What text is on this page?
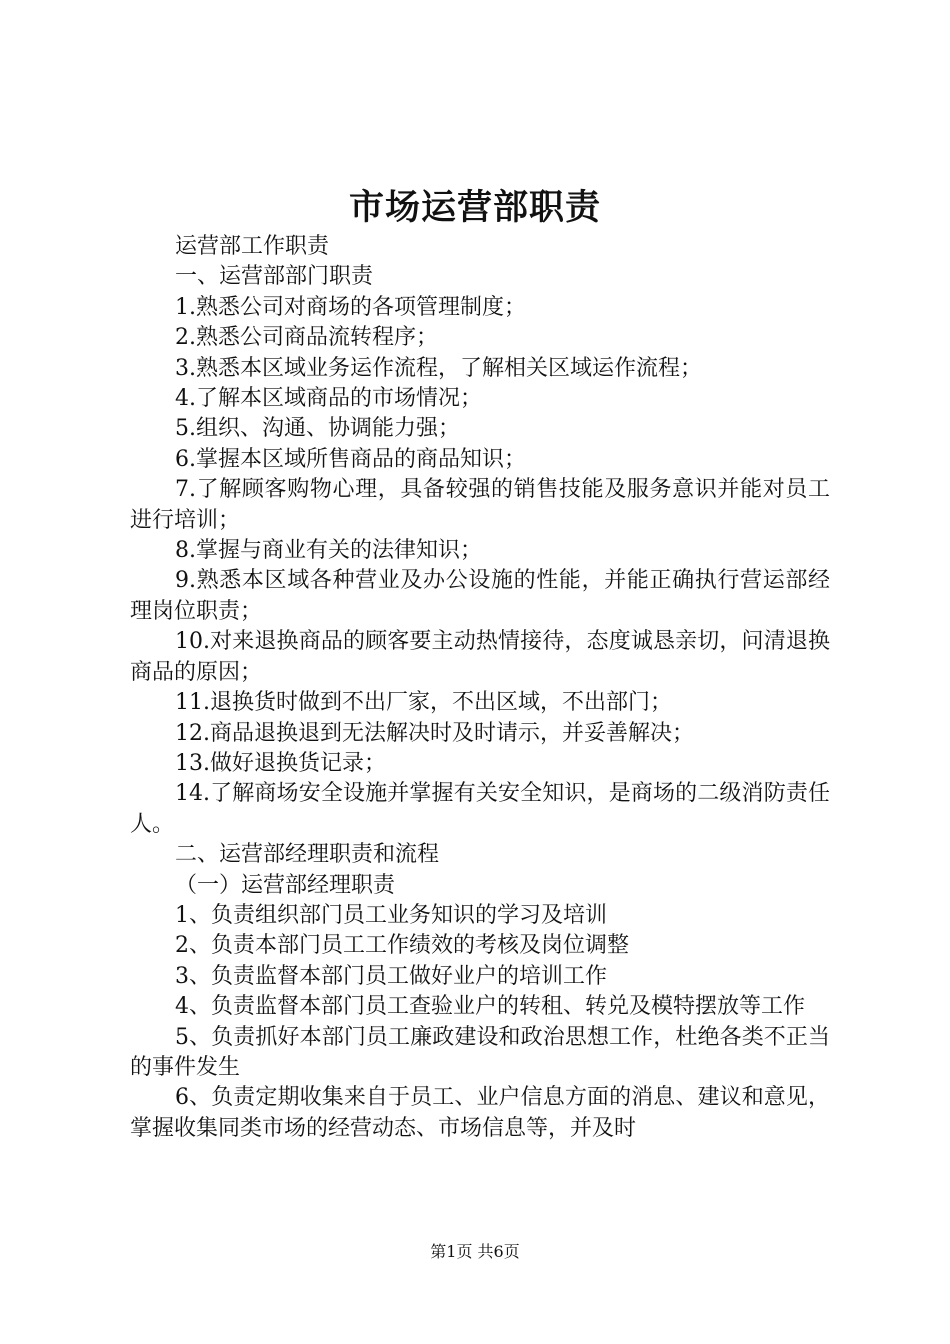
市场运营部职责

运营部工作职责

一、运营部部门职责

1.熟悉公司对商场的各项管理制度；

2.熟悉公司商品流转程序；

3.熟悉本区域业务运作流程，了解相关区域运作流程；

4.了解本区域商品的市场情况；

5.组织、沟通、协调能力强；

6.掌握本区域所售商品的商品知识；

7.了解顾客购物心理，具备较强的销售技能及服务意识并能对员工进行培训；

8.掌握与商业有关的法律知识；

9.熟悉本区域各种营业及办公设施的性能，并能正确执行营运部经理岗位职责；

10.对来退换商品的顾客要主动热情接待，态度诚恳亲切，问清退换商品的原因；

11.退换货时做到不出厂家，不出区域，不出部门；

12.商品退换退到无法解决时及时请示，并妥善解决；

13.做好退换货记录；

14.了解商场安全设施并掌握有关安全知识，是商场的二级消防责任人。

二、运营部经理职责和流程

（一）运营部经理职责

1、负责组织部门员工业务知识的学习及培训

2、负责本部门员工工作绩效的考核及岗位调整

3、负责监督本部门员工做好业户的培训工作

4、负责监督本部门员工查验业户的转租、转兑及模特摆放等工作

5、负责抓好本部门员工廉政建设和政治思想工作，杜绝各类不正当的事件发生

6、负责定期收集来自于员工、业户信息方面的消息、建议和意见，掌握收集同类市场的经营动态、市场信息等，并及时

第1页 共6页
